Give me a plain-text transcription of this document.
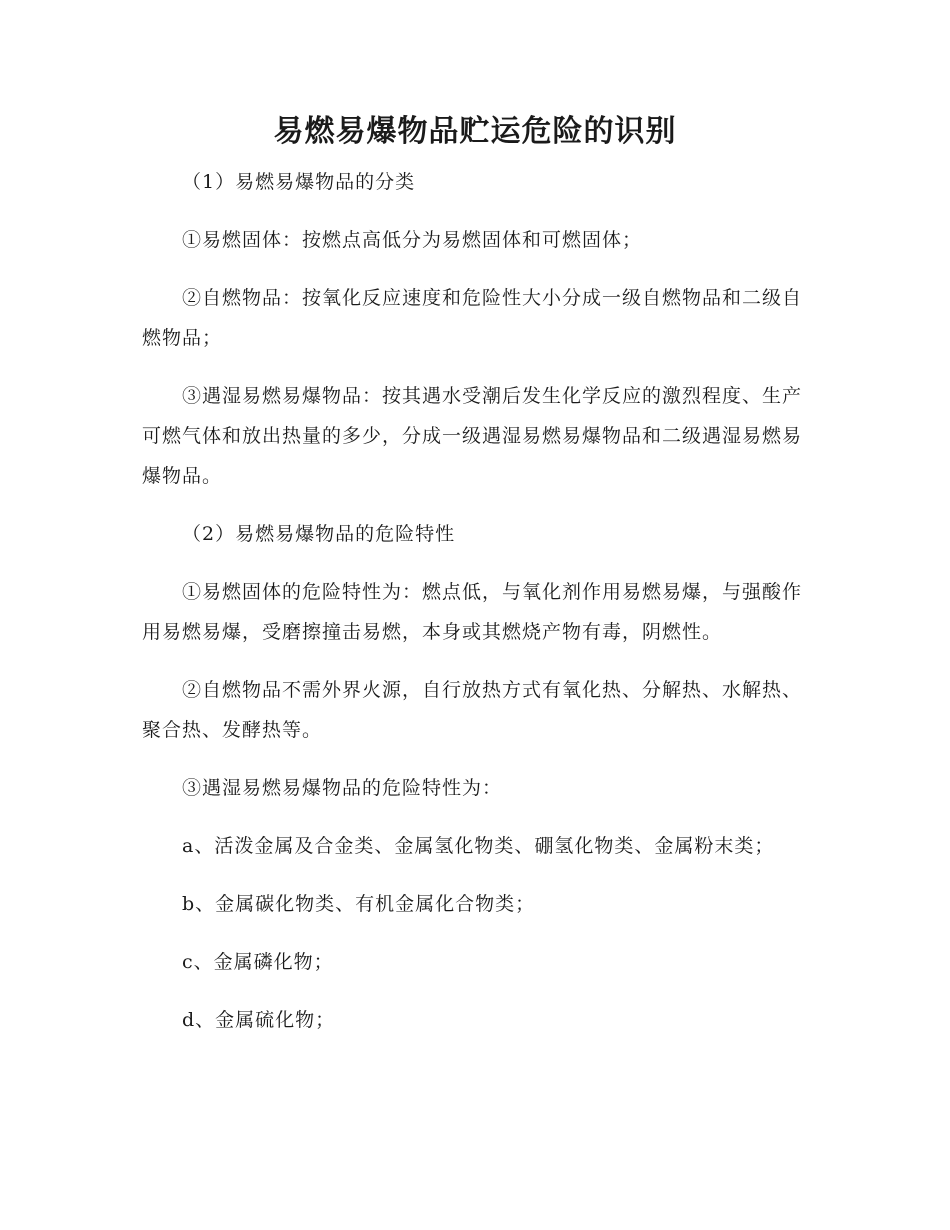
易燃易爆物品贮运危险的识别

（1）易燃易爆物品的分类

①易燃固体：按燃点高低分为易燃固体和可燃固体；

②自燃物品：按氧化反应速度和危险性大小分成一级自燃物品和二级自燃物品；

③遇湿易燃易爆物品：按其遇水受潮后发生化学反应的激烈程度、生产可燃气体和放出热量的多少，分成一级遇湿易燃易爆物品和二级遇湿易燃易爆物品。

（2）易燃易爆物品的危险特性

①易燃固体的危险特性为：燃点低，与氧化剂作用易燃易爆，与强酸作用易燃易爆，受磨擦撞击易燃，本身或其燃烧产物有毒，阴燃性。

②自燃物品不需外界火源，自行放热方式有氧化热、分解热、水解热、聚合热、发酵热等。

③遇湿易燃易爆物品的危险特性为：

a、活泼金属及合金类、金属氢化物类、硼氢化物类、金属粉末类；

b、金属碳化物类、有机金属化合物类；

c、金属磷化物；

d、金属硫化物；
